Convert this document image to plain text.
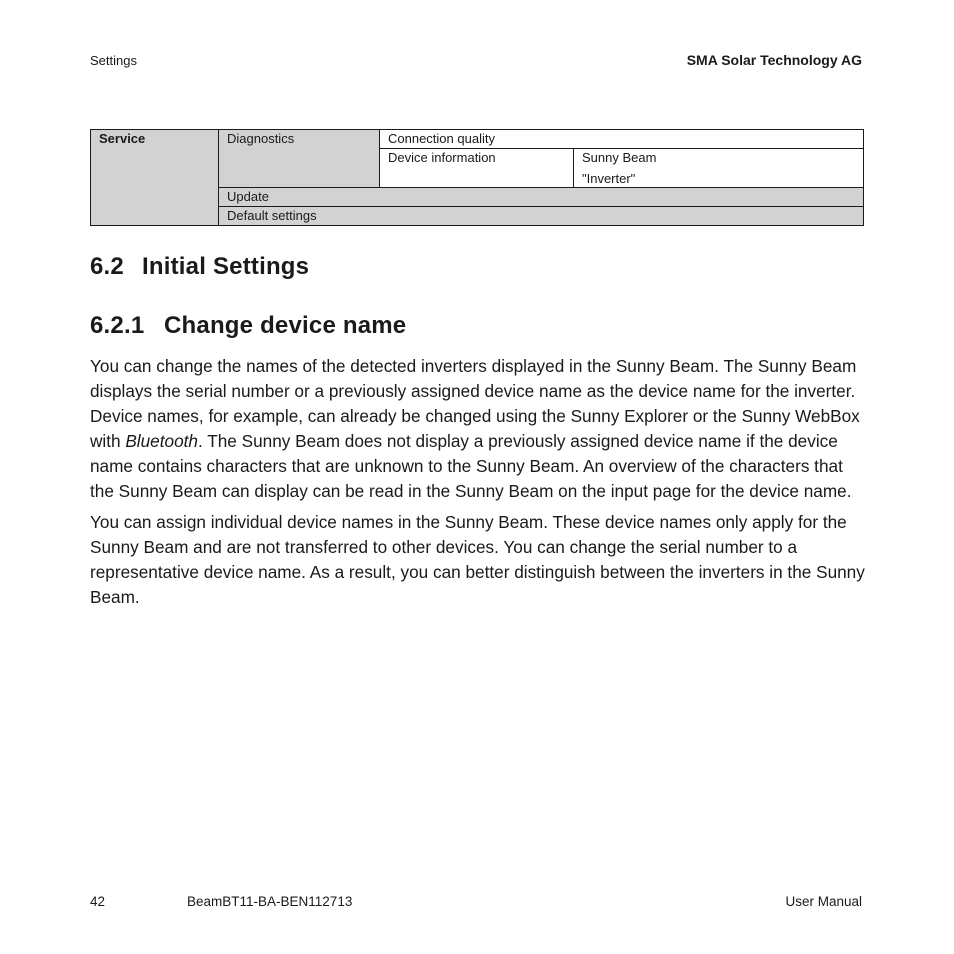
Settings	SMA Solar Technology AG
Service	Diagnostics	Connection quality	
		Device information	Sunny Beam
"Inverter"

	Update		
	Default settings		
6.2 Initial Settings
6.2.1 Change device name

You can change the names of the detected inverters displayed in the Sunny Beam. The Sunny Beam displays the serial number or a previously assigned device name as the device name for the inverter. Device names, for example, can already be changed using the Sunny Explorer or the Sunny WebBox with Bluetooth. The Sunny Beam does not display a previously assigned device name if the device name contains characters that are unknown to the Sunny Beam. An overview of the characters that the Sunny Beam can display can be read in the Sunny Beam on the input page for the device name.

You can assign individual device names in the Sunny Beam. These device names only apply for the Sunny Beam and are not transferred to other devices. You can change the serial number to a representative device name. As a result, you can better distinguish between the inverters in the Sunny Beam.

42	BeamBT11-BA-BEN112713	User Manual
